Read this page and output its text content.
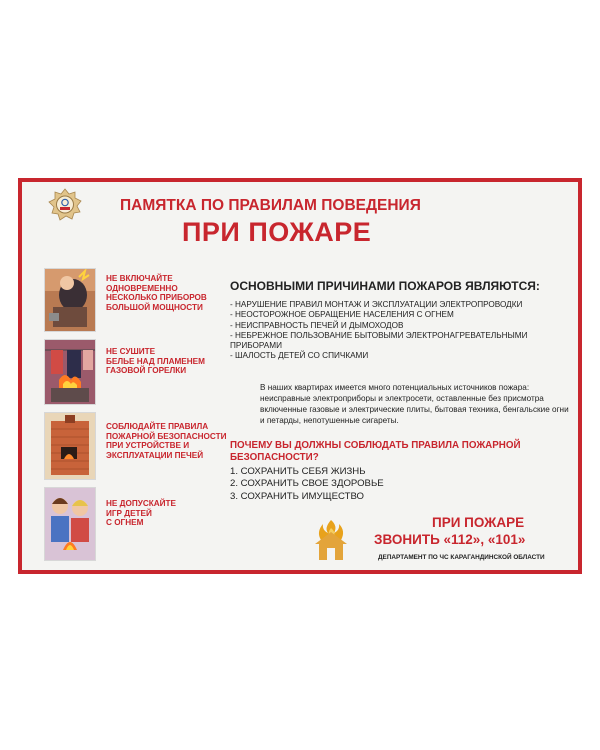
ПАМЯТКА ПО ПРАВИЛАМ ПОВЕДЕНИЯ
ПРИ ПОЖАРЕ
НЕ ВКЛЮЧАЙТЕ
ОДНОВРЕМЕННО
НЕСКОЛЬКО ПРИБОРОВ
БОЛЬШОЙ МОЩНОСТИ
НЕ СУШИТЕ
БЕЛЬЕ НАД ПЛАМЕНЕМ
ГАЗОВОЙ ГОРЕЛКИ
СОБЛЮДАЙТЕ ПРАВИЛА
ПОЖАРНОЙ БЕЗОПАСНОСТИ
ПРИ УСТРОЙСТВЕ И
ЭКСПЛУАТАЦИИ ПЕЧЕЙ
НЕ ДОПУСКАЙТЕ
ИГР ДЕТЕЙ
С ОГНЕМ
ОСНОВНЫМИ ПРИЧИНАМИ ПОЖАРОВ ЯВЛЯЮТСЯ:
- НАРУШЕНИЕ ПРАВИЛ МОНТАЖ И ЭКСПЛУАТАЦИИ ЭЛЕКТРОПРОВОДКИ
- НЕОСТОРОЖНОЕ ОБРАЩЕНИЕ НАСЕЛЕНИЯ С ОГНЕМ
- НЕИСПРАВНОСТЬ ПЕЧЕЙ И ДЫМОХОДОВ
- НЕБРЕЖНОЕ ПОЛЬЗОВАНИЕ БЫТОВЫМИ ЭЛЕКТРОНАГРЕВАТЕЛЬНЫМИ
ПРИБОРАМИ
- ШАЛОСТЬ ДЕТЕЙ СО СПИЧКАМИ
В наших квартирах имеется много потенциальных источников пожара: неисправные электроприборы и электросети, оставленные без присмотра включенные газовые и электрические плиты, бытовая техника, бенгальские огни и петарды, непотушенные сигареты.
ПОЧЕМУ ВЫ ДОЛЖНЫ СОБЛЮДАТЬ ПРАВИЛА ПОЖАРНОЙ БЕЗОПАСНОСТИ?
1. СОХРАНИТЬ СЕБЯ ЖИЗНЬ
2. СОХРАНИТЬ СВОЕ ЗДОРОВЬЕ
3. СОХРАНИТЬ ИМУЩЕСТВО
ПРИ ПОЖАРЕ
ЗВОНИТЬ «112», «101»
ДЕПАРТАМЕНТ ПО ЧС КАРАГАНДИНСКОЙ ОБЛАСТИ
